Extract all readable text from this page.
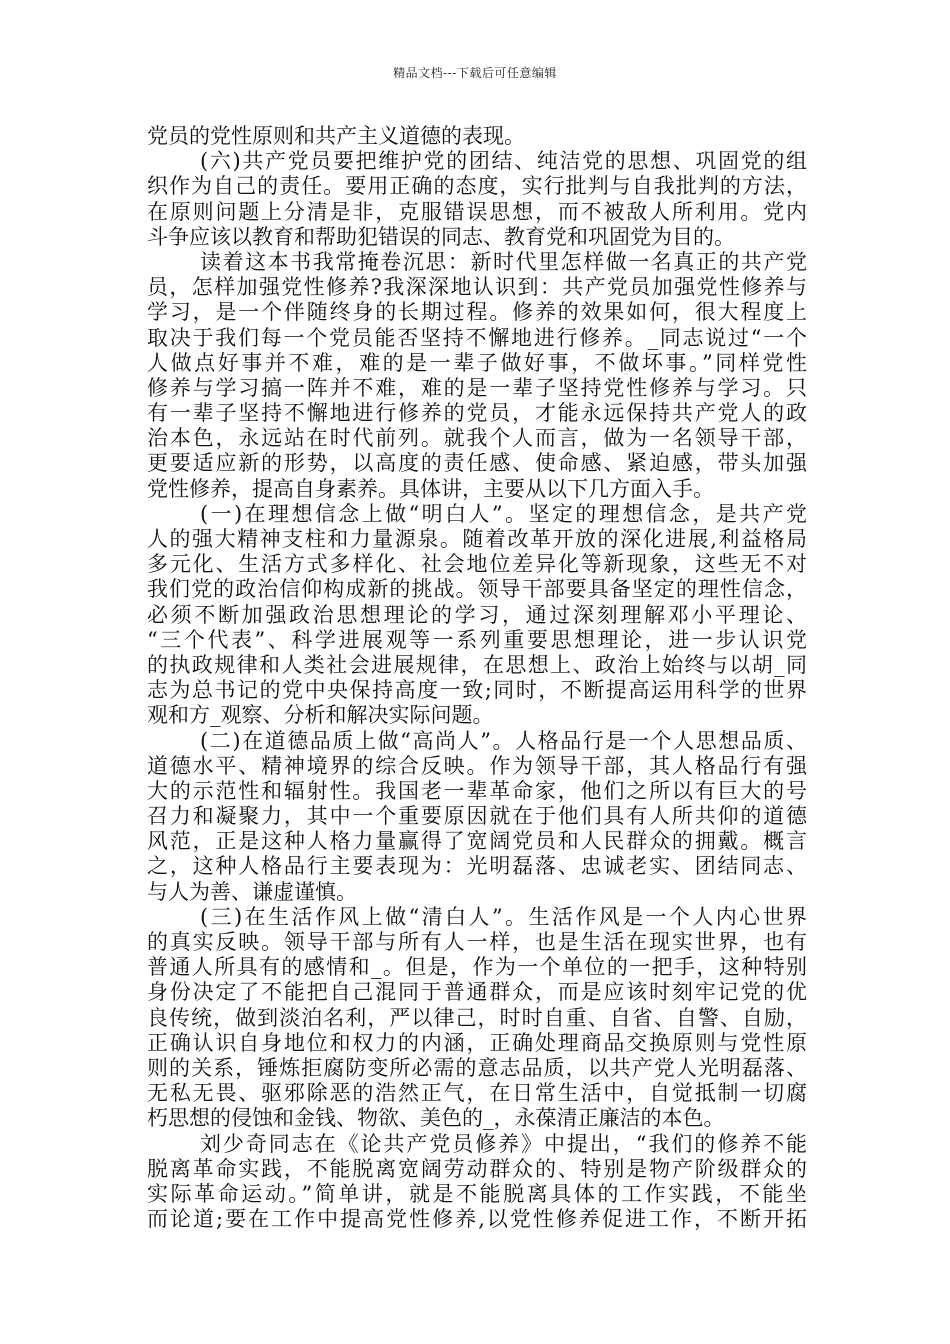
精品文档---下载后可任意编辑
党员的党性原则和共产主义道德的表现。
(六)共产党员要把维护党的团结、纯洁党的思想、巩固党的组
织作为自己的责任。要用正确的态度，实行批判与自我批判的方法，
在原则问题上分清是非，克服错误思想，而不被敌人所利用。党内
斗争应该以教育和帮助犯错误的同志、教育党和巩固党为目的。
读着这本书我常掩卷沉思：新时代里怎样做一名真正的共产党
员，怎样加强党性修养?我深深地认识到：共产党员加强党性修养与
学习，是一个伴随终身的长期过程。修养的效果如何，很大程度上
取决于我们每一个党员能否坚持不懈地进行修养。_同志说过“一个
人做点好事并不难，难的是一辈子做好事，不做坏事。”同样党性
修养与学习搞一阵并不难，难的是一辈子坚持党性修养与学习。只
有一辈子坚持不懈地进行修养的党员，才能永远保持共产党人的政
治本色，永远站在时代前列。就我个人而言，做为一名领导干部，
更要适应新的形势，以高度的责任感、使命感、紧迫感，带头加强
党性修养，提高自身素养。具体讲，主要从以下几方面入手。
(一)在理想信念上做“明白人”。坚定的理想信念，是共产党
人的强大精神支柱和力量源泉。随着改革开放的深化进展,利益格局
多元化、生活方式多样化、社会地位差异化等新现象，这些无不对
我们党的政治信仰构成新的挑战。领导干部要具备坚定的理性信念，
必须不断加强政治思想理论的学习，通过深刻理解邓小平理论、
“三个代表”、科学进展观等一系列重要思想理论，进一步认识党
的执政规律和人类社会进展规律，在思想上、政治上始终与以胡_同
志为总书记的党中央保持高度一致;同时，不断提高运用科学的世界
观和方_观察、分析和解决实际问题。
(二)在道德品质上做“高尚人”。人格品行是一个人思想品质、
道德水平、精神境界的综合反映。作为领导干部，其人格品行有强
大的示范性和辐射性。我国老一辈革命家，他们之所以有巨大的号
召力和凝聚力，其中一个重要原因就在于他们具有人所共仰的道德
风范，正是这种人格力量赢得了宽阔党员和人民群众的拥戴。概言
之，这种人格品行主要表现为：光明磊落、忠诚老实、团结同志、
与人为善、谦虚谨慎。
(三)在生活作风上做“清白人”。生活作风是一个人内心世界
的真实反映。领导干部与所有人一样，也是生活在现实世界，也有
普通人所具有的感情和_。但是，作为一个单位的一把手，这种特别
身份决定了不能把自己混同于普通群众，而是应该时刻牢记党的优
良传统，做到淡泊名利，严以律己，时时自重、自省、自警、自励，
正确认识自身地位和权力的内涵，正确处理商品交换原则与党性原
则的关系，锤炼拒腐防变所必需的意志品质，以共产党人光明磊落、
无私无畏、驱邪除恶的浩然正气，在日常生活中，自觉抵制一切腐
朽思想的侵蚀和金钱、物欲、美色的_，永葆清正廉洁的本色。
刘少奇同志在《论共产党员修养》中提出，“我们的修养不能
脱离革命实践，不能脱离宽阔劳动群众的、特别是物产阶级群众的
实际革命运动。”简单讲，就是不能脱离具体的工作实践，不能坐
而论道;要在工作中提高党性修养,以党性修养促进工作，不断开拓
